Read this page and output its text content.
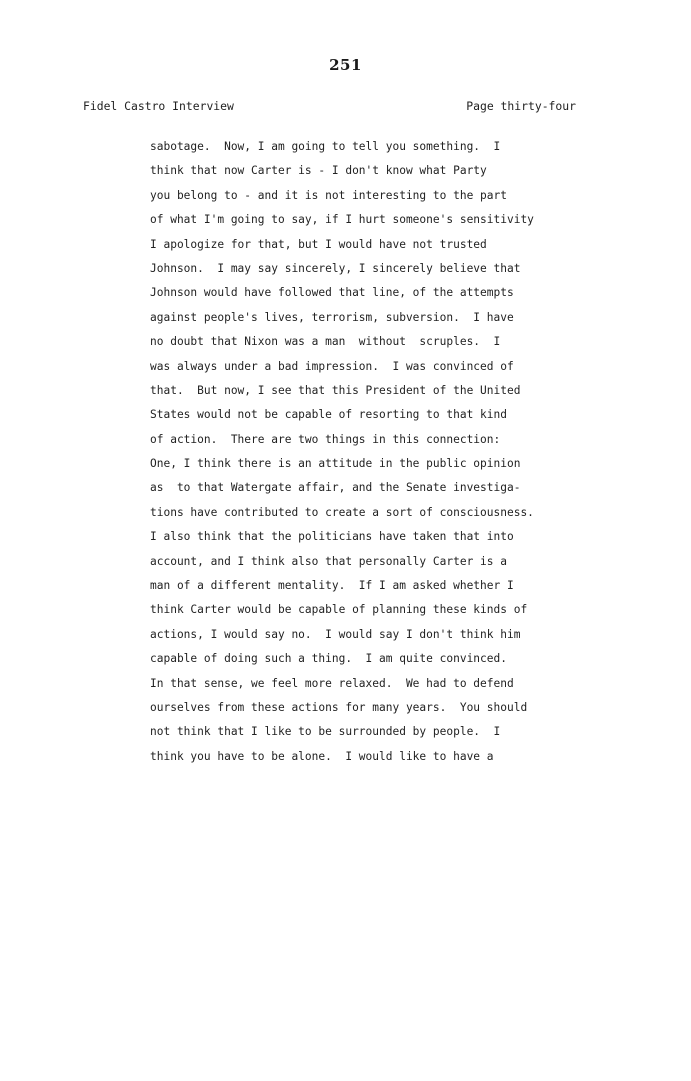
251
Fidel Castro Interview	Page thirty-four
sabotage.  Now, I am going to tell you something.  I
think that now Carter is - I don't know what Party
you belong to - and it is not interesting to the part
of what I'm going to say, if I hurt someone's sensitivity
I apologize for that, but I would have not trusted
Johnson.  I may say sincerely, I sincerely believe that
Johnson would have followed that line, of the attempts
against people's lives, terrorism, subversion.  I have
no doubt that Nixon was a man  without  scruples.  I
was always under a bad impression.  I was convinced of
that.  But now, I see that this President of the United
States would not be capable of resorting to that kind
of action.  There are two things in this connection:
One, I think there is an attitude in the public opinion
as  to that Watergate affair, and the Senate investiga-
tions have contributed to create a sort of consciousness.
I also think that the politicians have taken that into
account, and I think also that personally Carter is a
man of a different mentality.  If I am asked whether I
think Carter would be capable of planning these kinds of
actions, I would say no.  I would say I don't think him
capable of doing such a thing.  I am quite convinced.
In that sense, we feel more relaxed.  We had to defend
ourselves from these actions for many years.  You should
not think that I like to be surrounded by people.  I
think you have to be alone.  I would like to have a
